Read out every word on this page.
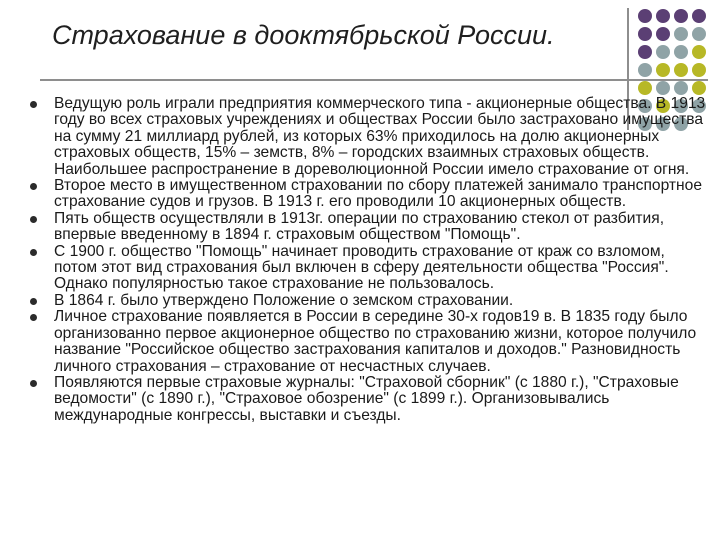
Страхование в дооктябрьской России.
Ведущую роль играли предприятия коммерческого типа - акционерные общества. В 1913 году во всех страховых учреждениях и обществах России было застраховано имущества на сумму 21 миллиард рублей, из которых 63% приходилось на долю акционерных страховых обществ, 15% – земств, 8% – городских взаимных страховых обществ. Наибольшее распространение в дореволюционной России имело страхование от огня.
Второе место в имущественном страховании по сбору платежей занимало транспортное страхование судов и грузов. В 1913 г. его проводили 10 акционерных обществ.
Пять обществ осуществляли в 1913г. операции по страхованию стекол от разбития, впервые введенному в 1894 г. страховым обществом "Помощь".
С 1900 г. общество "Помощь" начинает проводить страхование от краж со взломом, потом этот вид страхования был включен в сферу деятельности общества "Россия". Однако популярностью такое страхование не пользовалось.
В 1864 г. было утверждено Положение о земском страховании.
Личное страхование появляется в России в середине 30-х годов19 в. В 1835 году было организованно первое акционерное общество по страхованию жизни, которое получило название "Российское общество застрахования капиталов и доходов." Разновидность личного страхования – страхование от несчастных случаев.
Появляются первые страховые журналы: "Страховой сборник" (с 1880 г.), "Страховые ведомости" (с 1890 г.), "Страховое обозрение" (с 1899 г.). Организовывались международные конгрессы, выставки и съезды.
